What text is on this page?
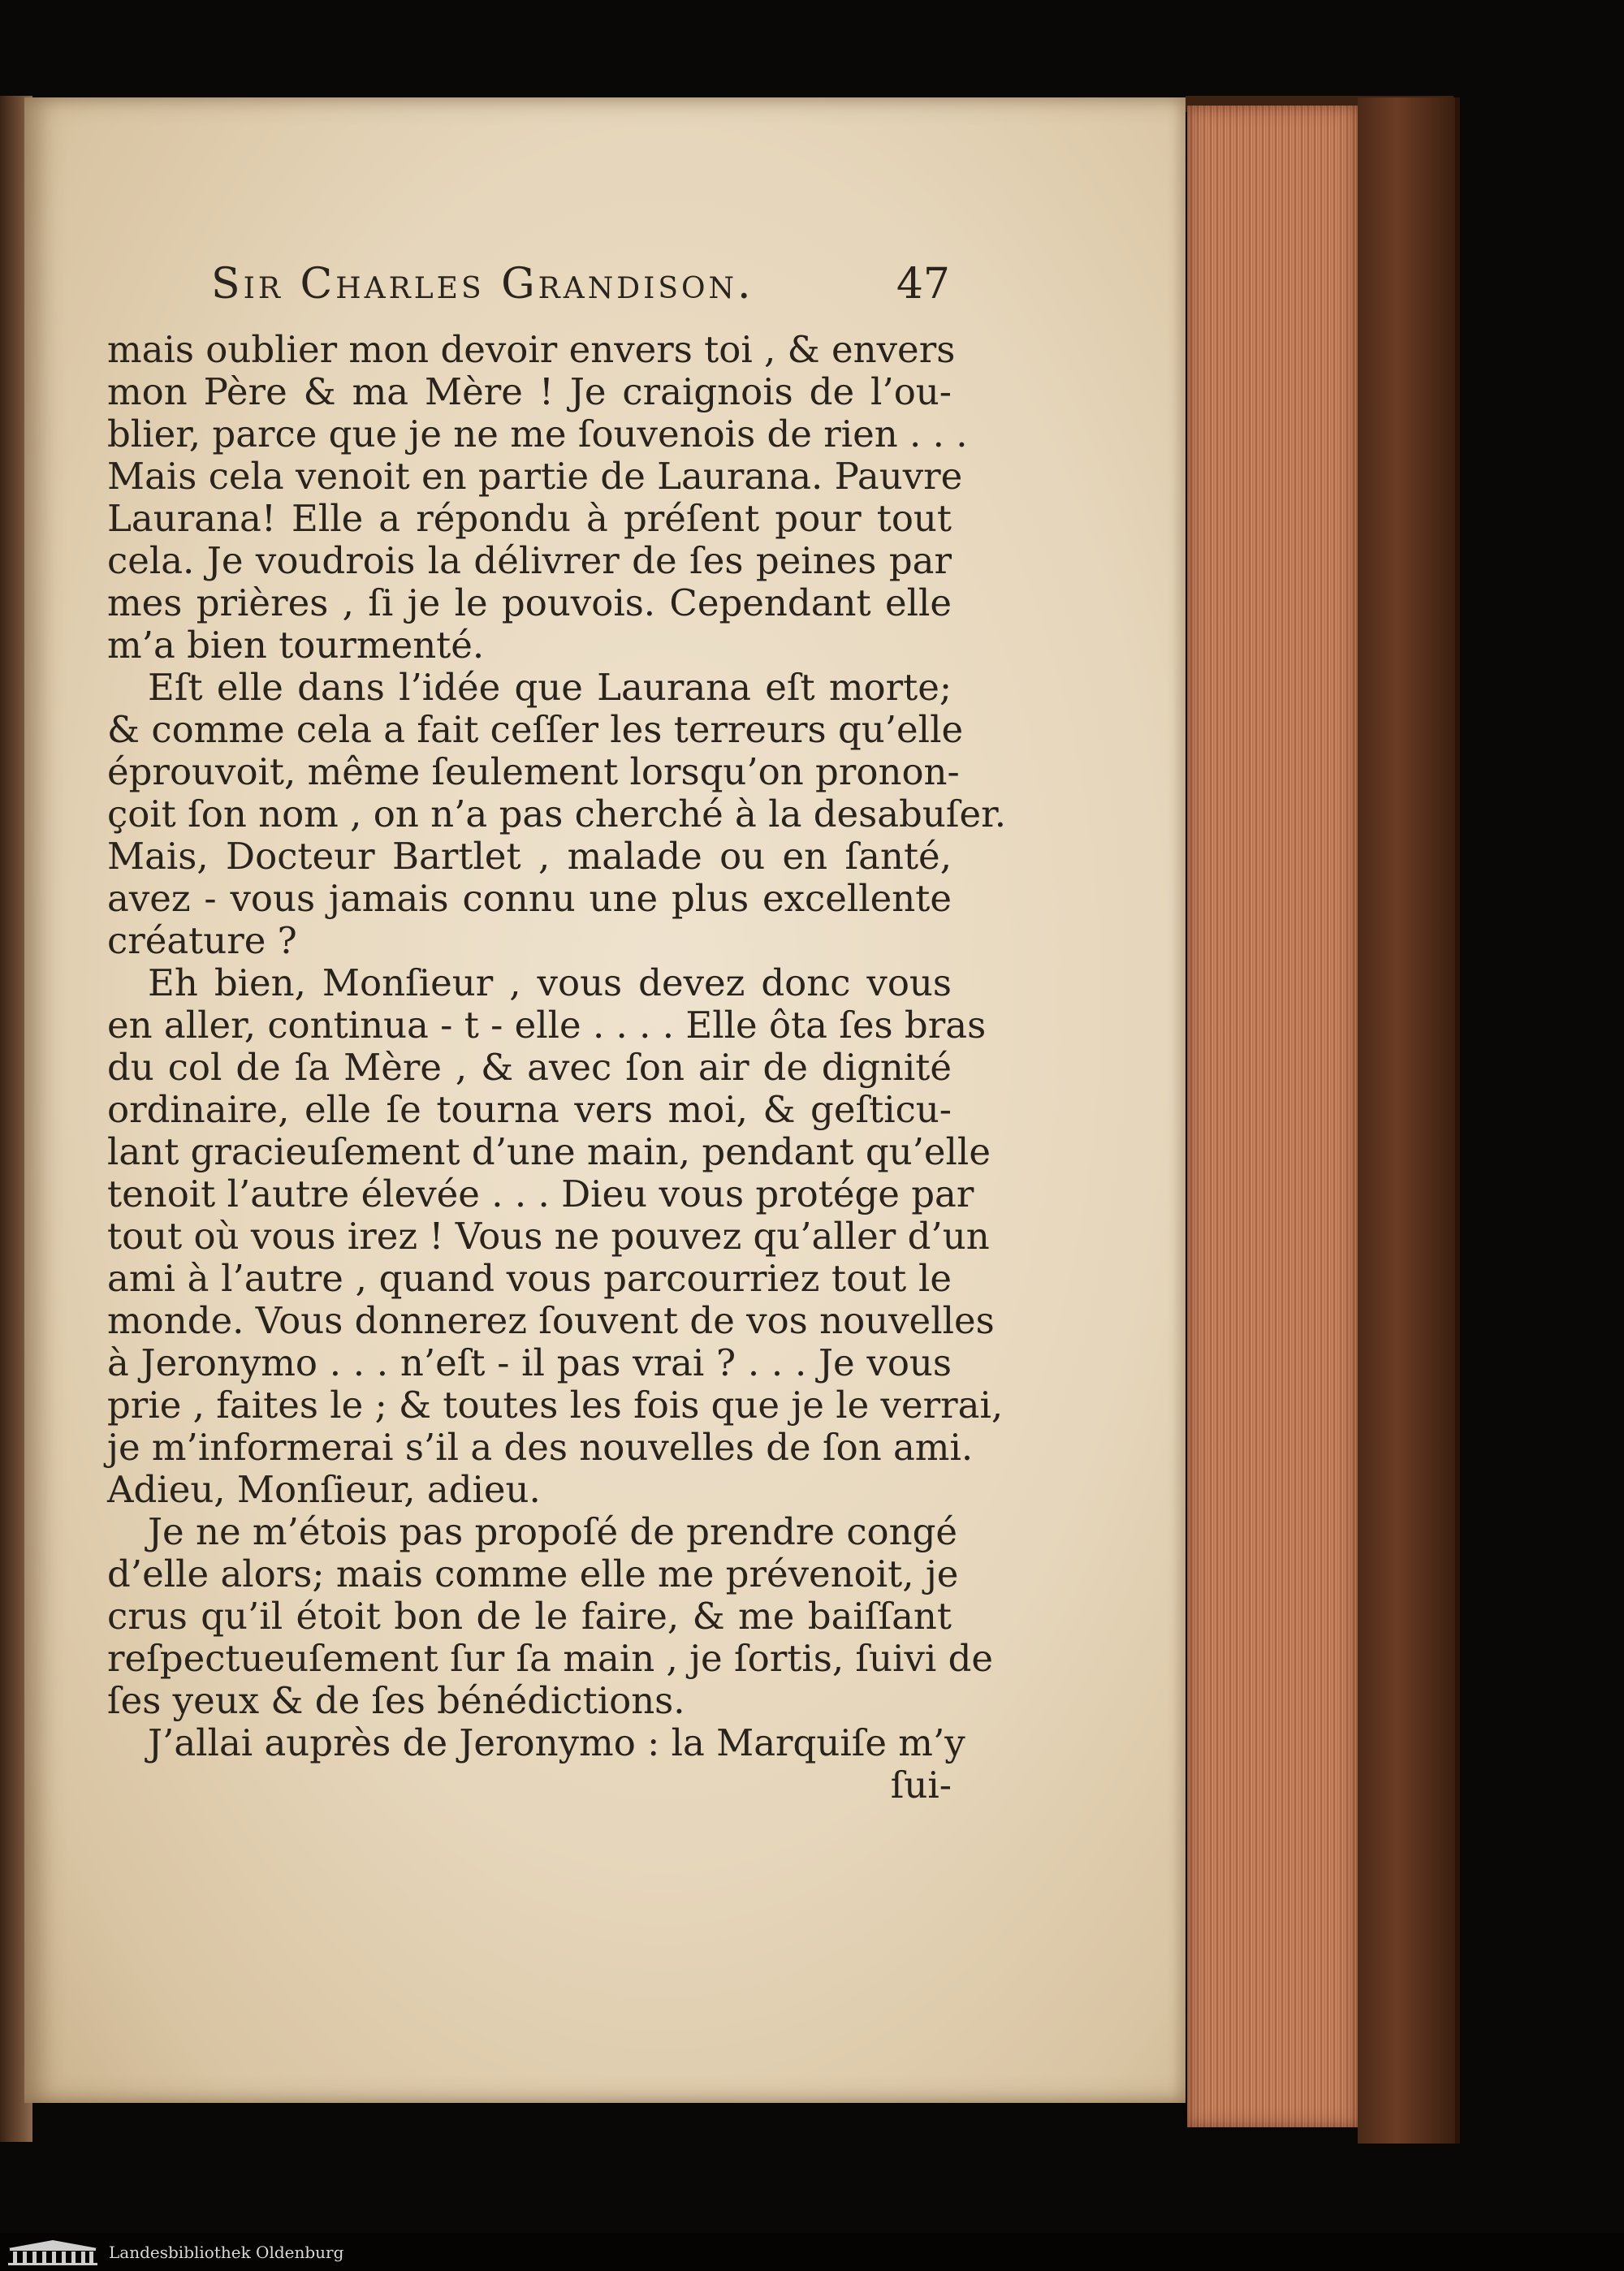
Sir Charles Grandison.	47
mais oublier mon devoir envers toi , & envers
mon Père & ma Mère ! Je craignois de l’ou-
blier, parce que je ne me ſouvenois de rien . . .
Mais cela venoit en partie de Laurana. Pauvre
Laurana! Elle a répondu à préſent pour tout
cela. Je voudrois la délivrer de ſes peines par
mes prières , ſi je le pouvois. Cependant elle
m’a bien tourmenté.
Eſt elle dans l’idée que Laurana eſt morte;
& comme cela a fait ceſſer les terreurs qu’elle
éprouvoit, même ſeulement lorsqu’on pronon-
çoit ſon nom , on n’a pas cherché à la desabuſer.
Mais, Docteur Bartlet , malade ou en ſanté,
avez - vous jamais connu une plus excellente
créature ?
Eh bien, Monſieur , vous devez donc vous
en aller, continua - t - elle . . . . Elle ôta ſes bras
du col de ſa Mère , & avec ſon air de dignité
ordinaire, elle ſe tourna vers moi, & geſticu-
lant gracieuſement d’une main, pendant qu’elle
tenoit l’autre élevée . . . Dieu vous protége par
tout où vous irez ! Vous ne pouvez qu’aller d’un
ami à l’autre , quand vous parcourriez tout le
monde. Vous donnerez ſouvent de vos nouvelles
à Jeronymo . . . n’eſt - il pas vrai ? . . . Je vous
prie , faites le ; & toutes les fois que je le verrai,
je m’informerai s’il a des nouvelles de ſon ami.
Adieu, Monſieur, adieu.
Je ne m’étois pas propoſé de prendre congé
d’elle alors; mais comme elle me prévenoit, je
crus qu’il étoit bon de le faire, & me baiſſant
reſpectueuſement ſur ſa main , je ſortis, ſuivi de
ſes yeux & de ſes bénédictions.
J’allai auprès de Jeronymo : la Marquiſe m’y
ſui-
Landesbibliothek Oldenburg
